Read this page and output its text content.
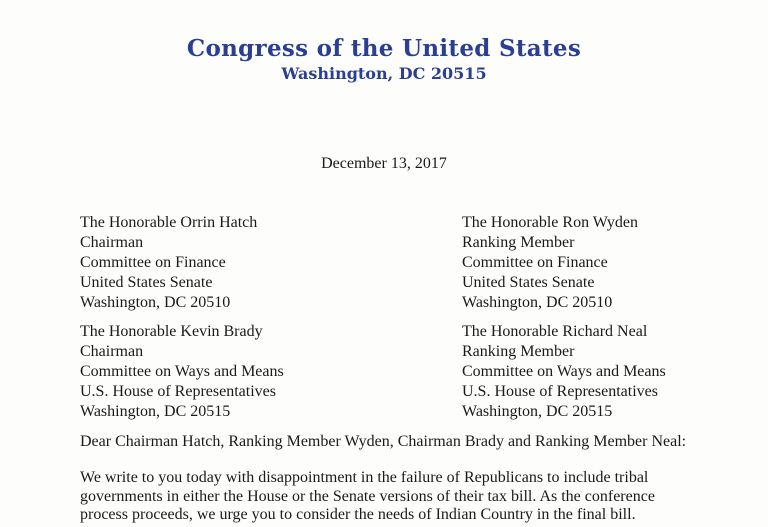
Congress of the United States
Washington, DC 20515
December 13, 2017
The Honorable Orrin Hatch
Chairman
Committee on Finance
United States Senate
Washington, DC 20510
The Honorable Ron Wyden
Ranking Member
Committee on Finance
United States Senate
Washington, DC 20510
The Honorable Kevin Brady
Chairman
Committee on Ways and Means
U.S. House of Representatives
Washington, DC 20515
The Honorable Richard Neal
Ranking Member
Committee on Ways and Means
U.S. House of Representatives
Washington, DC 20515
Dear Chairman Hatch, Ranking Member Wyden, Chairman Brady and Ranking Member Neal:
We write to you today with disappointment in the failure of Republicans to include tribal
governments in either the House or the Senate versions of their tax bill. As the conference
process proceeds, we urge you to consider the needs of Indian Country in the final bill.
